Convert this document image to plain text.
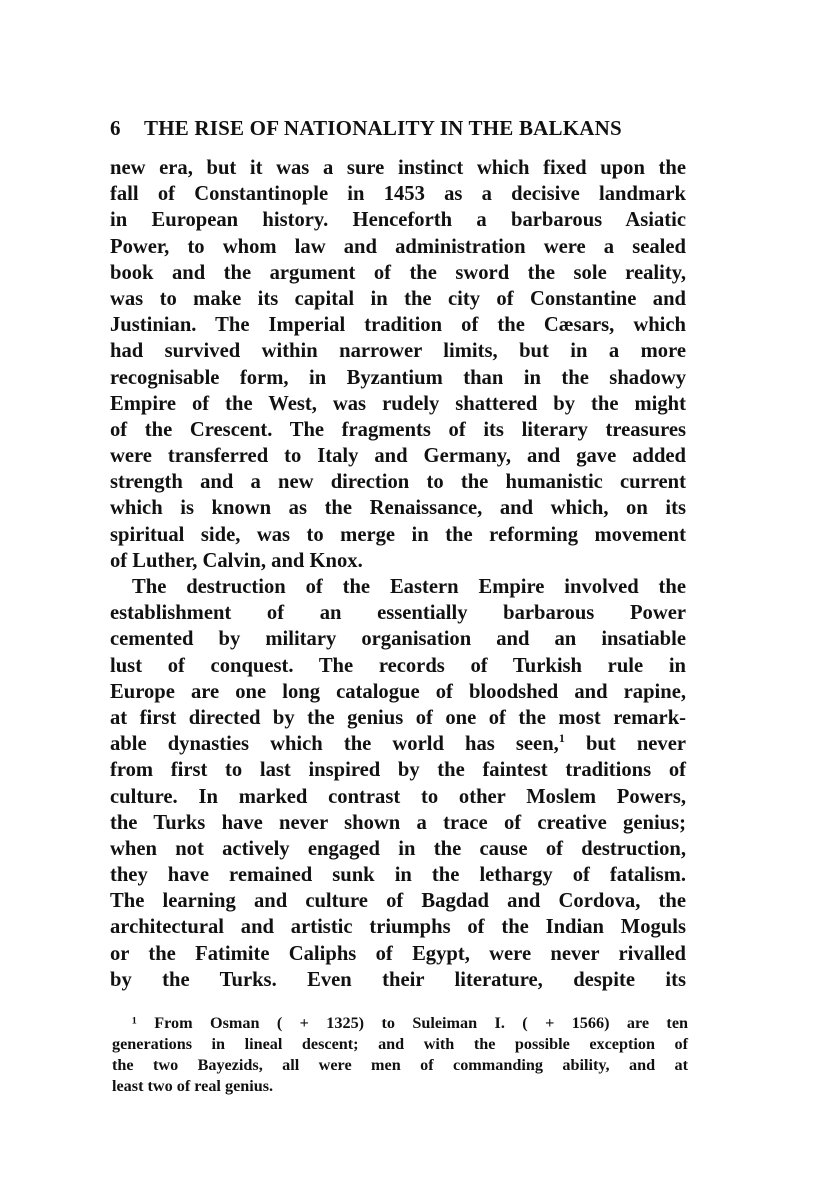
6 THE RISE OF NATIONALITY IN THE BALKANS
new era, but it was a sure instinct which fixed upon the
fall of Constantinople in 1453 as a decisive landmark
in European history. Henceforth a barbarous Asiatic
Power, to whom law and administration were a sealed
book and the argument of the sword the sole reality,
was to make its capital in the city of Constantine and
Justinian. The Imperial tradition of the Cæsars, which
had survived within narrower limits, but in a more
recognisable form, in Byzantium than in the shadowy
Empire of the West, was rudely shattered by the might
of the Crescent. The fragments of its literary treasures
were transferred to Italy and Germany, and gave added
strength and a new direction to the humanistic current
which is known as the Renaissance, and which, on its
spiritual side, was to merge in the reforming movement
of Luther, Calvin, and Knox.
The destruction of the Eastern Empire involved the
establishment of an essentially barbarous Power
cemented by military organisation and an insatiable
lust of conquest. The records of Turkish rule in
Europe are one long catalogue of bloodshed and rapine,
at first directed by the genius of one of the most remark-
able dynasties which the world has seen,$^1$ but never
from first to last inspired by the faintest traditions of
culture. In marked contrast to other Moslem Powers,
the Turks have never shown a trace of creative genius;
when not actively engaged in the cause of destruction,
they have remained sunk in the lethargy of fatalism.
The learning and culture of Bagdad and Cordova, the
architectural and artistic triumphs of the Indian Moguls
or the Fatimite Caliphs of Egypt, were never rivalled
by the Turks. Even their literature, despite its
¹ From Osman ( + 1325) to Suleiman I. ( + 1566) are ten
generations in lineal descent; and with the possible exception of
the two Bayezids, all were men of commanding ability, and at
least two of real genius.
